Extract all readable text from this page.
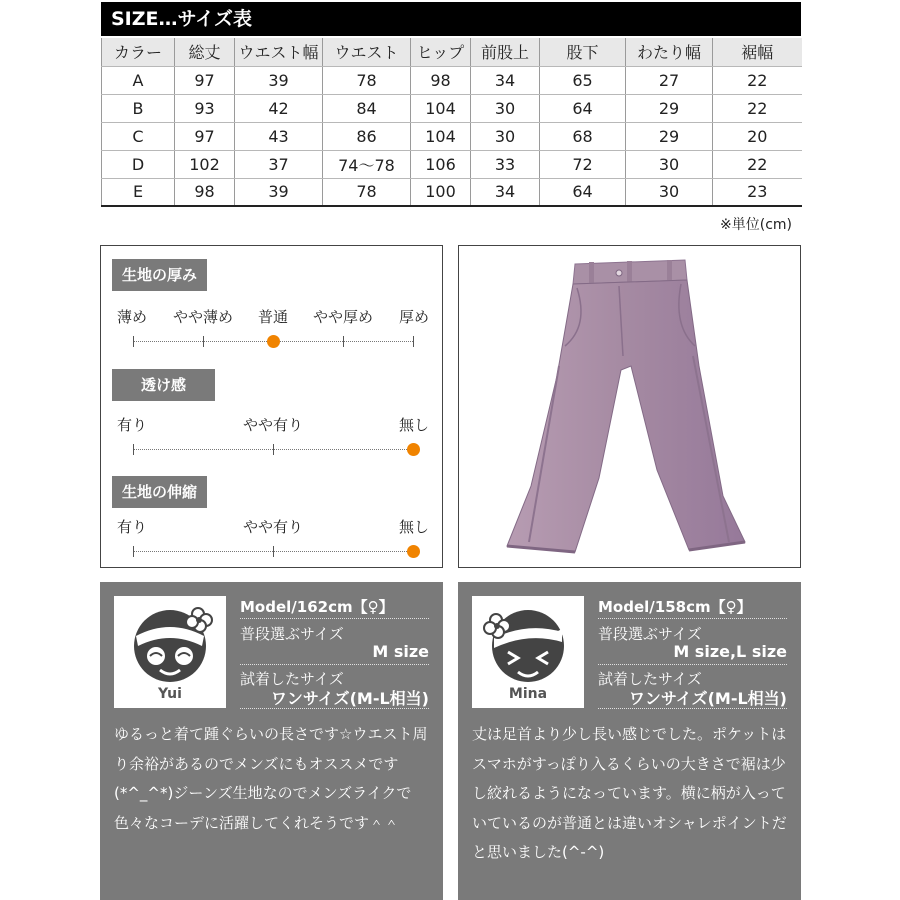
SIZE…サイズ表
カラー	総丈	ウエスト幅	ウエスト	ヒップ	前股上	股下	わたり幅	裾幅
A	97	39	78	98	34	65	27	22
B	93	42	84	104	30	64	29	22
C	97	43	86	104	30	68	29	20
D	102	37	74〜78	106	33	72	30	22
E	98	39	78	100	34	64	30	23
※単位(cm)
生地の厚み
薄め やや薄め 普通 やや厚め 厚め
透け感
有り	やや有り	無し
生地の伸縮
有り	やや有り	無し
Yui
Model/162cm【♀】
普段選ぶサイズ
M size
試着したサイズ
ワンサイズ(M-L相当)
ゆるっと着て踵ぐらいの長さです☆ウエスト周り余裕があるのでメンズにもオススメです(*^_^*)ジーンズ生地なのでメンズライクで色々なコーデに活躍してくれそうです＾＾
Mina
Model/158cm【♀】
普段選ぶサイズ
M size,L size
試着したサイズ
ワンサイズ(M-L相当)
丈は足首より少し長い感じでした。ポケットはスマホがすっぽり入るくらいの大きさで裾は少し絞れるようになっています。横に柄が入っていているのが普通とは違いオシャレポイントだと思いました(^-^)
